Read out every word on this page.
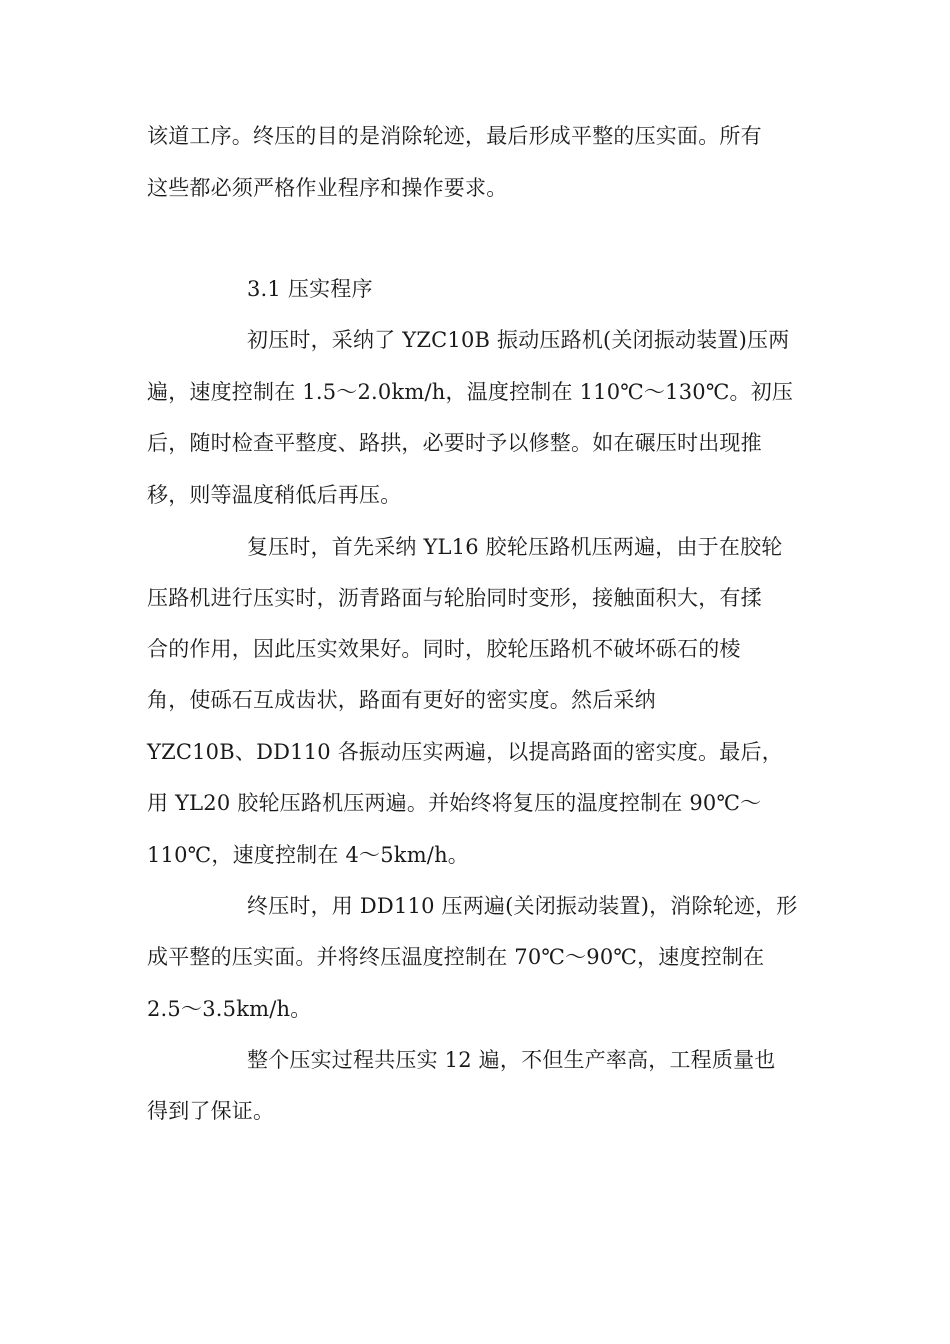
该道工序。终压的目的是消除轮迹，最后形成平整的压实面。所有
这些都必须严格作业程序和操作要求。
3.1 压实程序
初压时，采纳了 YZC10B 振动压路机(关闭振动装置)压两
遍，速度控制在 1.5～2.0km/h，温度控制在 110℃～130℃。初压
后，随时检查平整度、路拱，必要时予以修整。如在碾压时出现推
移，则等温度稍低后再压。
复压时，首先采纳 YL16 胶轮压路机压两遍，由于在胶轮
压路机进行压实时，沥青路面与轮胎同时变形，接触面积大，有揉
合的作用，因此压实效果好。同时，胶轮压路机不破坏砾石的棱
角，使砾石互成齿状，路面有更好的密实度。然后采纳
YZC10B、DD110 各振动压实两遍，以提高路面的密实度。最后，
用 YL20 胶轮压路机压两遍。并始终将复压的温度控制在 90℃～
110℃，速度控制在 4～5km/h。
终压时，用 DD110 压两遍(关闭振动装置)，消除轮迹，形
成平整的压实面。并将终压温度控制在 70℃～90℃，速度控制在
2.5～3.5km/h。
整个压实过程共压实 12 遍，不但生产率高，工程质量也
得到了保证。
